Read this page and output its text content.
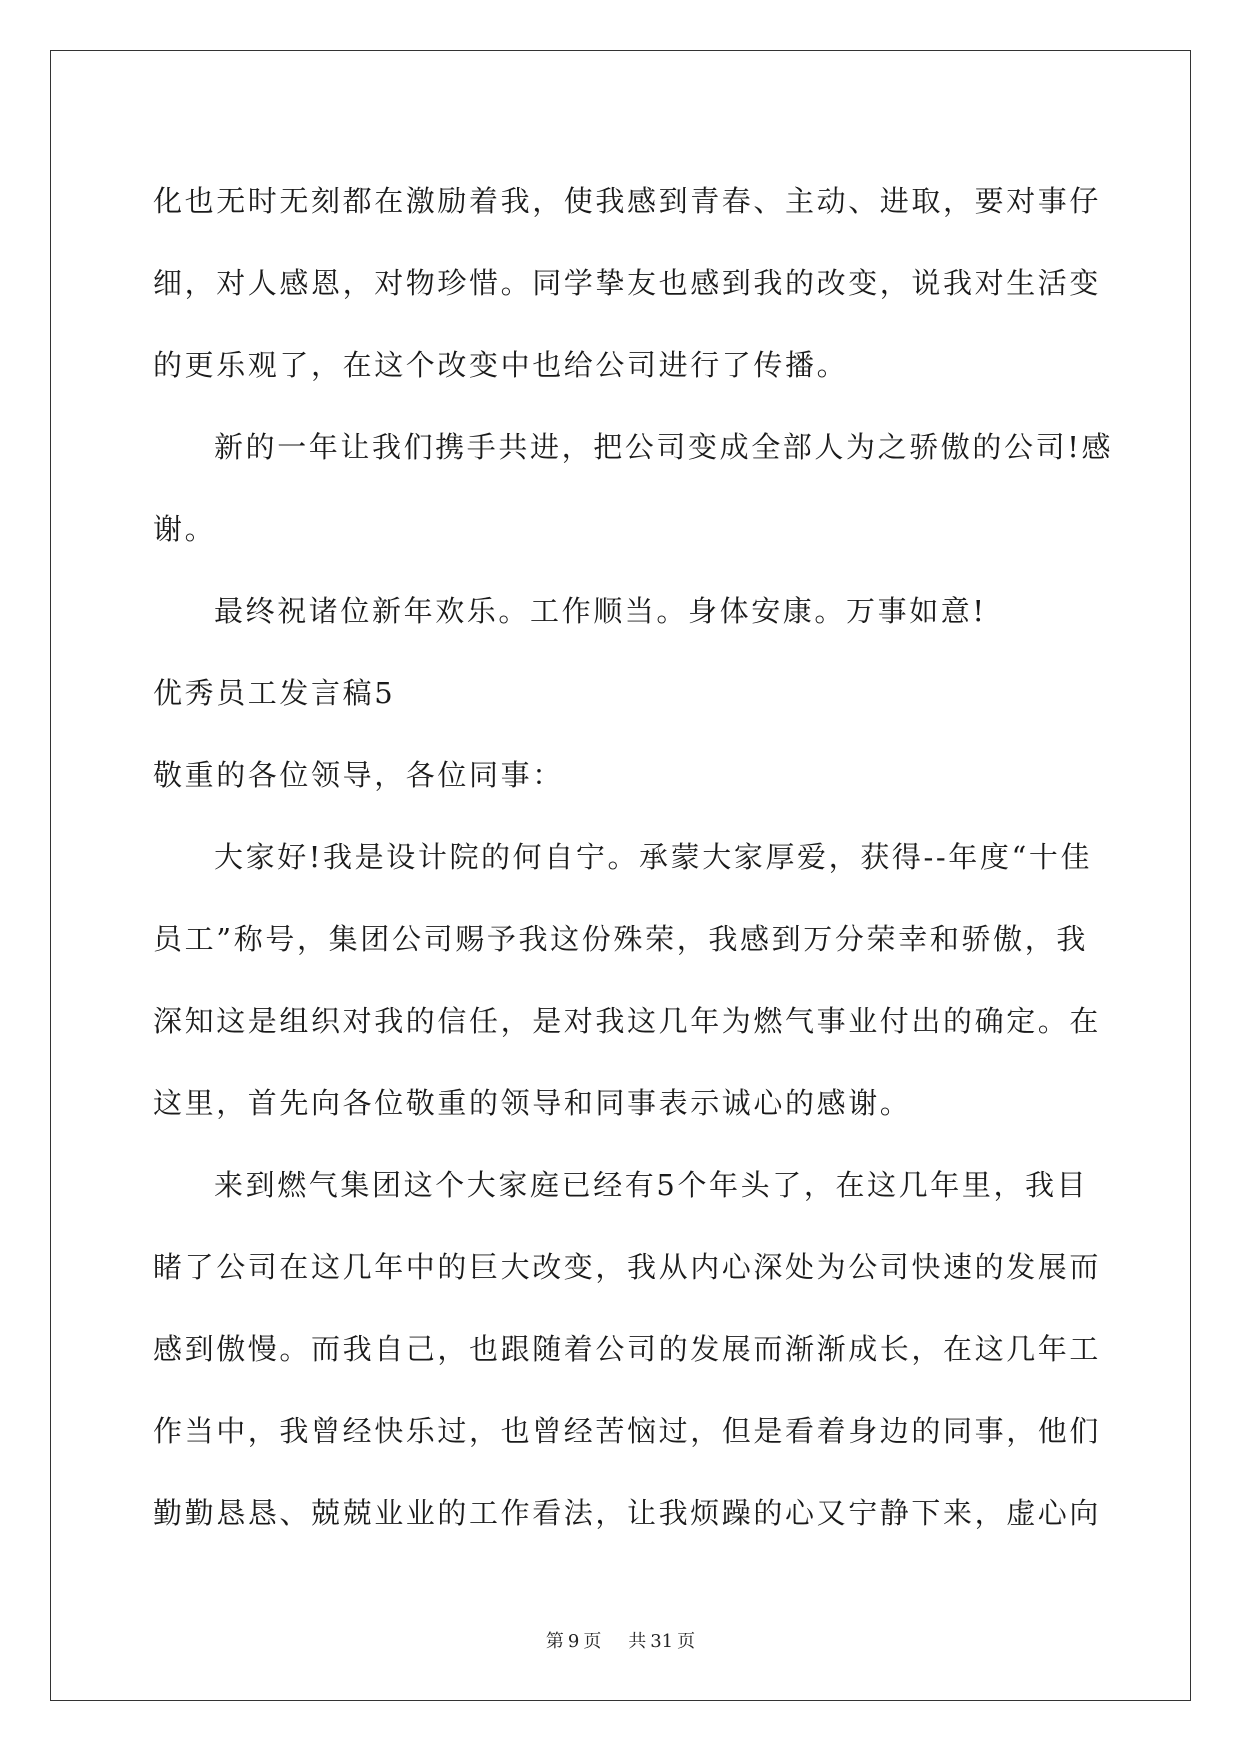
化也无时无刻都在激励着我，使我感到青春、主动、进取，要对事仔
细，对人感恩，对物珍惜。同学挚友也感到我的改变，说我对生活变
的更乐观了，在这个改变中也给公司进行了传播。
新的一年让我们携手共进，把公司变成全部人为之骄傲的公司!感
谢。
最终祝诸位新年欢乐。工作顺当。身体安康。万事如意!
优秀员工发言稿5
敬重的各位领导，各位同事：
大家好!我是设计院的何自宁。承蒙大家厚爱，获得--年度“十佳
员工”称号，集团公司赐予我这份殊荣，我感到万分荣幸和骄傲，我
深知这是组织对我的信任，是对我这几年为燃气事业付出的确定。在
这里，首先向各位敬重的领导和同事表示诚心的感谢。
来到燃气集团这个大家庭已经有5个年头了，在这几年里，我目
睹了公司在这几年中的巨大改变，我从内心深处为公司快速的发展而
感到傲慢。而我自己，也跟随着公司的发展而渐渐成长，在这几年工
作当中，我曾经快乐过，也曾经苦恼过，但是看着身边的同事，他们
勤勤恳恳、兢兢业业的工作看法，让我烦躁的心又宁静下来，虚心向
第 9 页 共 31 页
